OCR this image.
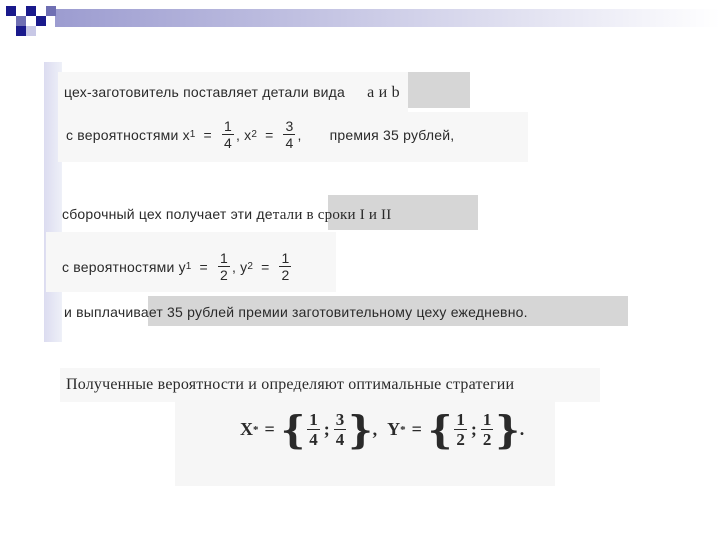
цех-заготовитель поставляет детали вида а и b
с вероятностями x $1 = \frac{1}{4}$ , x $2 = \frac{3}{4}$ , премия 35 рублей,
сборочный цех получает эти детали в сроки I и II
с вероятностями y $1 = \frac{1}{2}$ , y $2 = \frac{1}{2}$
и выплачивает 35 рублей премии заготовительному цеху ежедневно.
Полученные вероятности и определяют оптимальные стратегии
X * = { $\frac{1}{4}$ ; $\frac{3}{4}$ } , Y * = { $\frac{1}{2}$ ; $\frac{1}{2}$ } .
